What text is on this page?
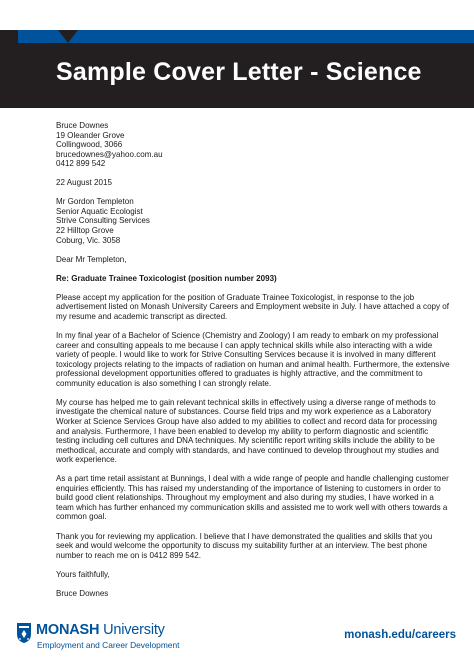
Sample Cover Letter - Science

Bruce Downes

19 Oleander Grove

Collingwood, 3066

brucedownes@yahoo.com.au

0412 899 542

22 August 2015

Mr Gordon Templeton

Senior Aquatic Ecologist

Strive Consulting Services

22 Hilltop Grove

Coburg, Vic. 3058

Dear Mr Templeton,

Re: Graduate Trainee Toxicologist (position number 2093)

Please accept my application for the position of Graduate Trainee Toxicologist, in response to the job advertisement listed on Monash University Careers and Employment website in July. I have attached a copy of my resume and academic transcript as directed.

In my final year of a Bachelor of Science (Chemistry and Zoology) I am ready to embark on my professional career and consulting appeals to me because I can apply technical skills while also interacting with a wide variety of people. I would like to work for Strive Consulting Services because it is involved in many different toxicology projects relating to the impacts of radiation on human and animal health. Furthermore, the extensive professional development opportunities offered to graduates is highly attractive, and the commitment to community education is also something I can strongly relate.

My course has helped me to gain relevant technical skills in effectively using a diverse range of methods to investigate the chemical nature of substances. Course field trips and my work experience as a Laboratory Worker at Science Services Group have also added to my abilities to collect and record data for processing and analysis. Furthermore, I have been enabled to develop my ability to perform diagnostic and scientific testing including cell cultures and DNA techniques. My scientific report writing skills include the ability to be methodical, accurate and comply with standards, and have continued to develop throughout my studies and work experience.

As a part time retail assistant at Bunnings, I deal with a wide range of people and handle challenging customer enquiries efficiently. This has raised my understanding of the importance of listening to customers in order to build good client relationships. Throughout my employment and also during my studies, I have worked in a team which has further enhanced my communication skills and assisted me to work well with others towards a common goal.

Thank you for reviewing my application. I believe that I have demonstrated the qualities and skills that you seek and would welcome the opportunity to discuss my suitability further at an interview. The best phone number to reach me on is 0412 899 542.

Yours faithfully,

Bruce Downes

MONASH University
Employment and Career Development
monash.edu/careers
